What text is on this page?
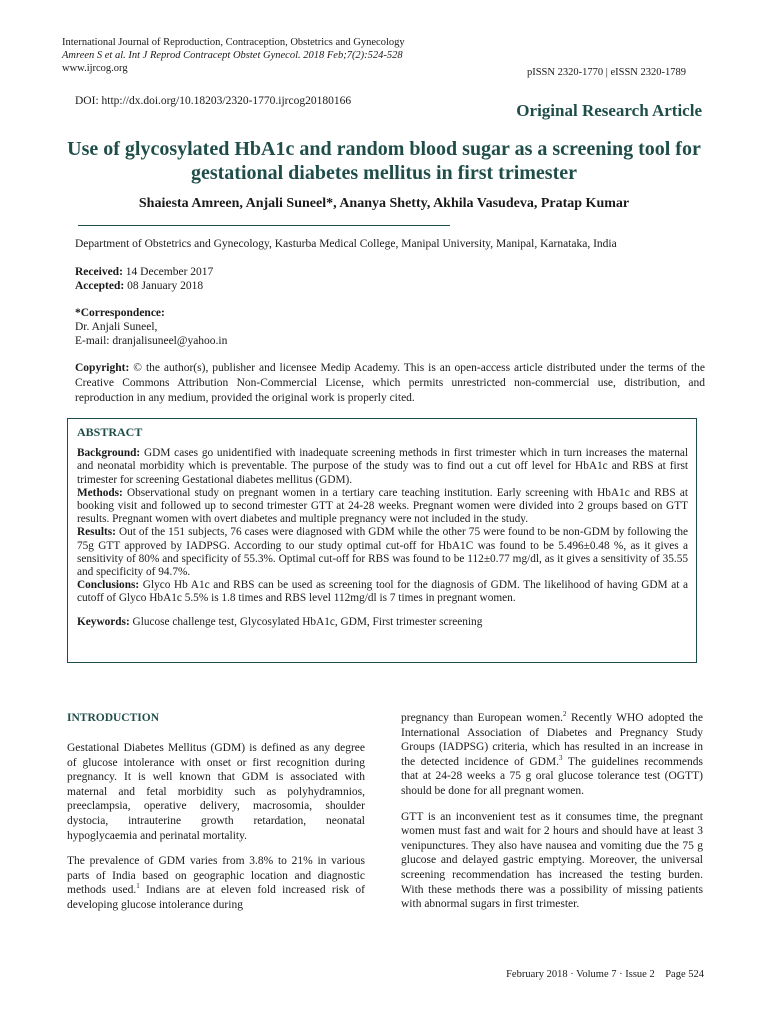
International Journal of Reproduction, Contraception, Obstetrics and Gynecology
Amreen S et al. Int J Reprod Contracept Obstet Gynecol. 2018 Feb;7(2):524-528
www.ijrcog.org	pISSN 2320-1770 | eISSN 2320-1789
DOI: http://dx.doi.org/10.18203/2320-1770.ijrcog20180166	Original Research Article
Use of glycosylated HbA1c and random blood sugar as a screening tool for gestational diabetes mellitus in first trimester
Shaiesta Amreen, Anjali Suneel*, Ananya Shetty, Akhila Vasudeva, Pratap Kumar
Department of Obstetrics and Gynecology, Kasturba Medical College, Manipal University, Manipal, Karnataka, India
Received: 14 December 2017
Accepted: 08 January 2018
*Correspondence:
Dr. Anjali Suneel,
E-mail: dranjalisuneel@yahoo.in
Copyright: © the author(s), publisher and licensee Medip Academy. This is an open-access article distributed under the terms of the Creative Commons Attribution Non-Commercial License, which permits unrestricted non-commercial use, distribution, and reproduction in any medium, provided the original work is properly cited.
ABSTRACT

Background: GDM cases go unidentified with inadequate screening methods in first trimester which in turn increases the maternal and neonatal morbidity which is preventable. The purpose of the study was to find out a cut off level for HbA1c and RBS at first trimester for screening Gestational diabetes mellitus (GDM).

Methods: Observational study on pregnant women in a tertiary care teaching institution. Early screening with HbA1c and RBS at booking visit and followed up to second trimester GTT at 24-28 weeks. Pregnant women were divided into 2 groups based on GTT results. Pregnant women with overt diabetes and multiple pregnancy were not included in the study.

Results: Out of the 151 subjects, 76 cases were diagnosed with GDM while the other 75 were found to be non-GDM by following the 75g GTT approved by IADPSG. According to our study optimal cut-off for HbA1C was found to be 5.496±0.48 %, as it gives a sensitivity of 80% and specificity of 55.3%. Optimal cut-off for RBS was found to be 112±0.77 mg/dl, as it gives a sensitivity of 35.55 and specificity of 94.7%.

Conclusions: Glyco Hb A1c and RBS can be used as screening tool for the diagnosis of GDM. The likelihood of having GDM at a cutoff of Glyco HbA1c 5.5% is 1.8 times and RBS level 112mg/dl is 7 times in pregnant women.

Keywords: Glucose challenge test, Glycosylated HbA1c, GDM, First trimester screening

INTRODUCTION

Gestational Diabetes Mellitus (GDM) is defined as any degree of glucose intolerance with onset or first recognition during pregnancy. It is well known that GDM is associated with maternal and fetal morbidity such as polyhydramnios, preeclampsia, operative delivery, macrosomia, shoulder dystocia, intrauterine growth retardation, neonatal hypoglycaemia and perinatal mortality.

The prevalence of GDM varies from 3.8% to 21% in various parts of India based on geographic location and diagnostic methods used.$^1$ Indians are at eleven fold increased risk of developing glucose intolerance during

pregnancy than European women.$^2$ Recently WHO adopted the International Association of Diabetes and Pregnancy Study Groups (IADPSG) criteria, which has resulted in an increase in the detected incidence of GDM.$^3$ The guidelines recommends that at 24-28 weeks a 75 g oral glucose tolerance test (OGTT) should be done for all pregnant women.

GTT is an inconvenient test as it consumes time, the pregnant women must fast and wait for 2 hours and should have at least 3 venipunctures. They also have nausea and vomiting due the 75 g glucose and delayed gastric emptying. Moreover, the universal screening recommendation has increased the testing burden. With these methods there was a possibility of missing patients with abnormal sugars in first trimester.

February 2018 · Volume 7 · Issue 2    Page 524
